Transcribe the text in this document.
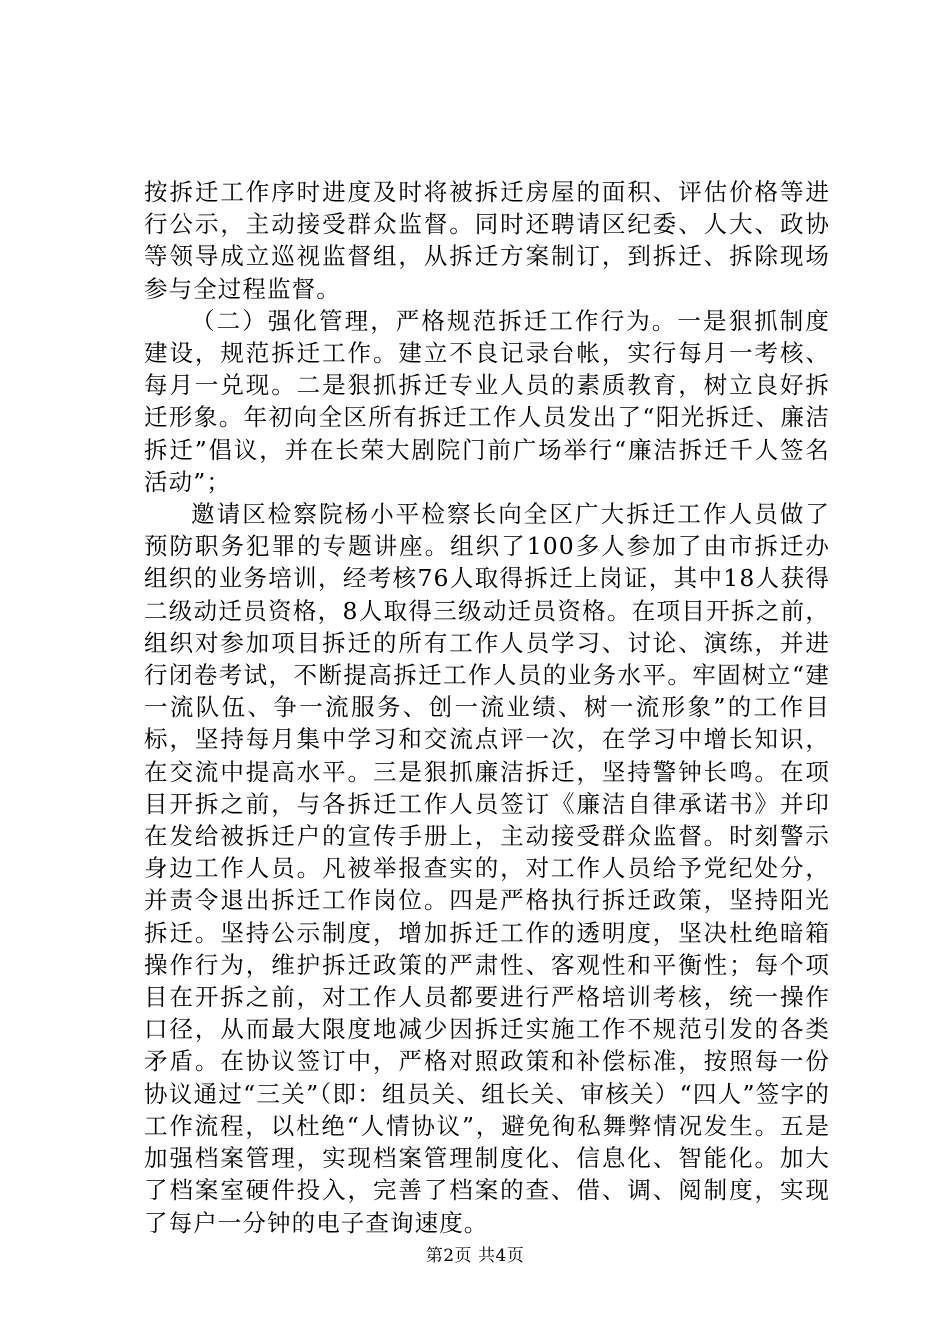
按拆迁工作序时进度及时将被拆迁房屋的面积、评估价格等进行公示，主动接受群众监督。同时还聘请区纪委、人大、政协等领导成立巡视监督组，从拆迁方案制订，到拆迁、拆除现场参与全过程监督。

（二）强化管理，严格规范拆迁工作行为。一是狠抓制度建设，规范拆迁工作。建立不良记录台帐，实行每月一考核、每月一兑现。二是狠抓拆迁专业人员的素质教育，树立良好拆迁形象。年初向全区所有拆迁工作人员发出了“阳光拆迁、廉洁拆迁”倡议，并在长荣大剧院门前广场举行“廉洁拆迁千人签名活动”；

邀请区检察院杨小平检察长向全区广大拆迁工作人员做了预防职务犯罪的专题讲座。组织了100多人参加了由市拆迁办组织的业务培训，经考核76人取得拆迁上岗证，其中18人获得二级动迁员资格，8人取得三级动迁员资格。在项目开拆之前，组织对参加项目拆迁的所有工作人员学习、讨论、演练，并进行闭卷考试，不断提高拆迁工作人员的业务水平。牢固树立“建一流队伍、争一流服务、创一流业绩、树一流形象”的工作目标，坚持每月集中学习和交流点评一次，在学习中增长知识，在交流中提高水平。三是狠抓廉洁拆迁，坚持警钟长鸣。在项目开拆之前，与各拆迁工作人员签订《廉洁自律承诺书》并印在发给被拆迁户的宣传手册上，主动接受群众监督。时刻警示身边工作人员。凡被举报查实的，对工作人员给予党纪处分，并责令退出拆迁工作岗位。四是严格执行拆迁政策，坚持阳光拆迁。坚持公示制度，增加拆迁工作的透明度，坚决杜绝暗箱操作行为，维护拆迁政策的严肃性、客观性和平衡性；每个项目在开拆之前，对工作人员都要进行严格培训考核，统一操作口径，从而最大限度地减少因拆迁实施工作不规范引发的各类矛盾。在协议签订中，严格对照政策和补偿标准，按照每一份协议通过“三关”（即：组员关、组长关、审核关）“四人”签字的工作流程，以杜绝“人情协议”，避免徇私舞弊情况发生。五是加强档案管理，实现档案管理制度化、信息化、智能化。加大了档案室硬件投入，完善了档案的查、借、调、阅制度，实现了每户一分钟的电子查询速度。

第2页 共4页
